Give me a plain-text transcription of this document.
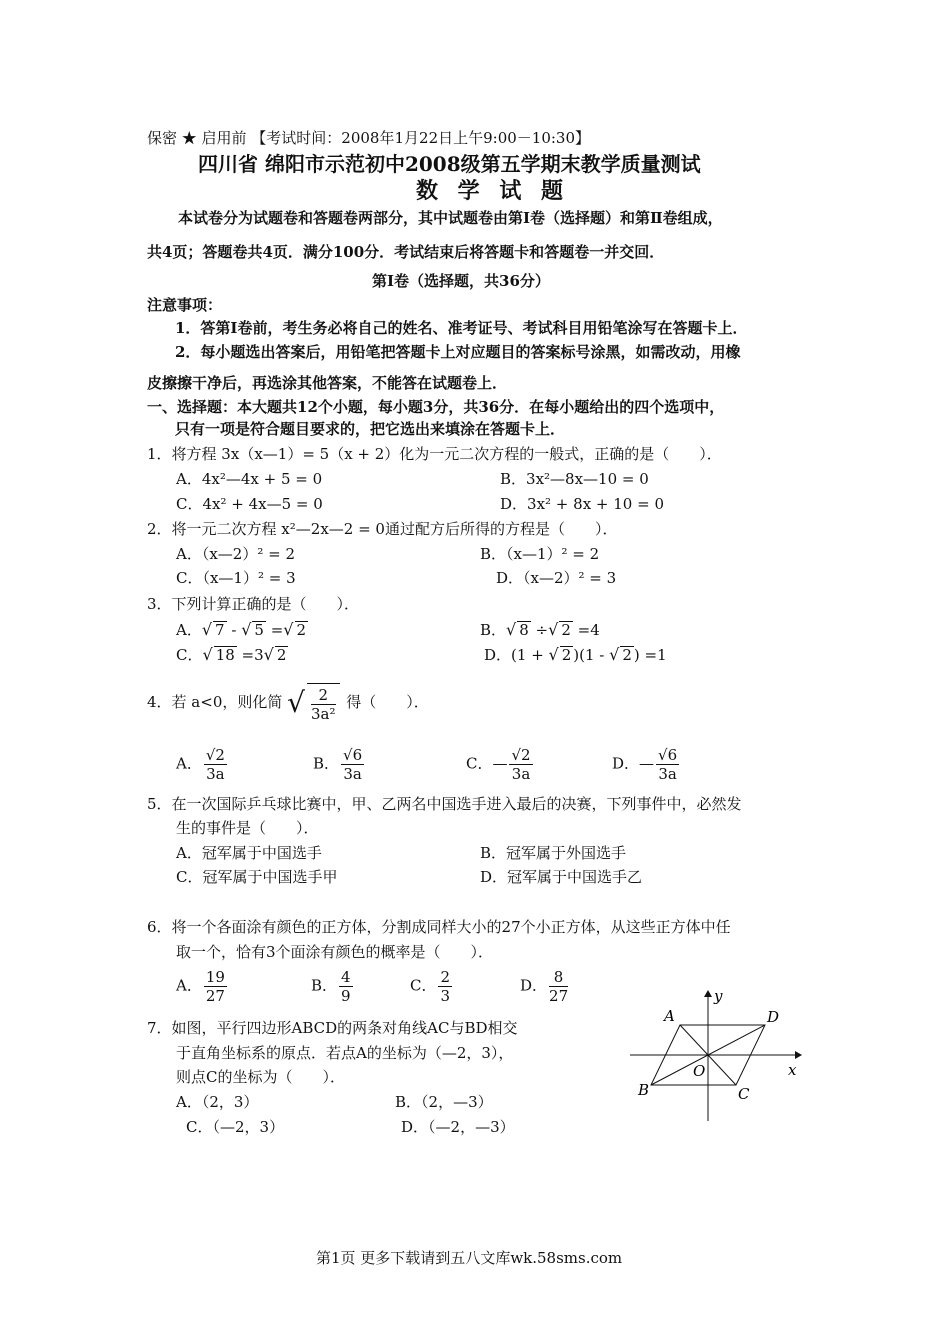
保密 ★ 启用前 【考试时间：2008年1月22日上午9:00－10:30】
四川省 绵阳市示范初中2008级第五学期末教学质量测试
数 学 试 题
本试卷分为试题卷和答题卷两部分，其中试题卷由第Ⅰ卷（选择题）和第Ⅱ卷组成，
共4页；答题卷共4页．满分100分．考试结束后将答题卡和答题卷一并交回．
第Ⅰ卷（选择题，共36分）
注意事项：
1．答第Ⅰ卷前，考生务必将自己的姓名、准考证号、考试科目用铅笔涂写在答题卡上．
2．每小题选出答案后，用铅笔把答题卡上对应题目的答案标号涂黑，如需改动，用橡
皮擦擦干净后，再选涂其他答案，不能答在试题卷上．
一、选择题：本大题共12个小题，每小题3分，共36分．在每小题给出的四个选项中，
只有一项是符合题目要求的，把它选出来填涂在答题卡上．
1．将方程 3x（x—1）= 5（x + 2）化为一元二次方程的一般式，正确的是（　　）．
A．4x²—4x + 5 = 0	B．3x²—8x—10 = 0
C．4x² + 4x—5 = 0	D．3x² + 8x + 10 = 0
2．将一元二次方程 x²—2x—2 = 0通过配方后所得的方程是（　　）．
A．（x—2）² = 2	B．（x—1）² = 2
C．（x—1）² = 3	D．（x—2）² = 3
3．下列计算正确的是（　　）．
A．√ 7 - √ 5 =√ 2	B．√ 8 ÷√ 2 =4
C．√ 18 =3√ 2	D．(1 + √ 2 )(1 - √ 2 ) =1
4．若 a<0，则化简 √ $\frac{2}{\text{3a²}}$ 得（　　）．
A． $\frac{√2}{3a}$	B． $\frac{√6}{3a}$	C．— $\frac{√2}{3a}$	D．— $\frac{√6}{3a}$
5．在一次国际乒乓球比赛中，甲、乙两名中国选手进入最后的决赛，下列事件中，必然发
生的事件是（　　）．
A．冠军属于中国选手	B．冠军属于外国选手
C．冠军属于中国选手甲	D．冠军属于中国选手乙
6．将一个各面涂有颜色的正方体，分割成同样大小的27个小正方体，从这些正方体中任
取一个，恰有3个面涂有颜色的概率是（　　）．
A． $\frac{19}{27}$	B． $\frac{4}{9}$	C． $\frac{2}{3}$	D． $\frac{8}{27}$
7．如图，平行四边形ABCD的两条对角线AC与BD相交
于直角坐标系的原点．若点A的坐标为（—2，3），
则点C的坐标为（　　）．
A．（2，3）	B．（2，—3）
C．（—2，3）	D．（—2，—3）
A	D
B	C
O	x
y
第1页 更多下载请到五八文库wk.58sms.com
